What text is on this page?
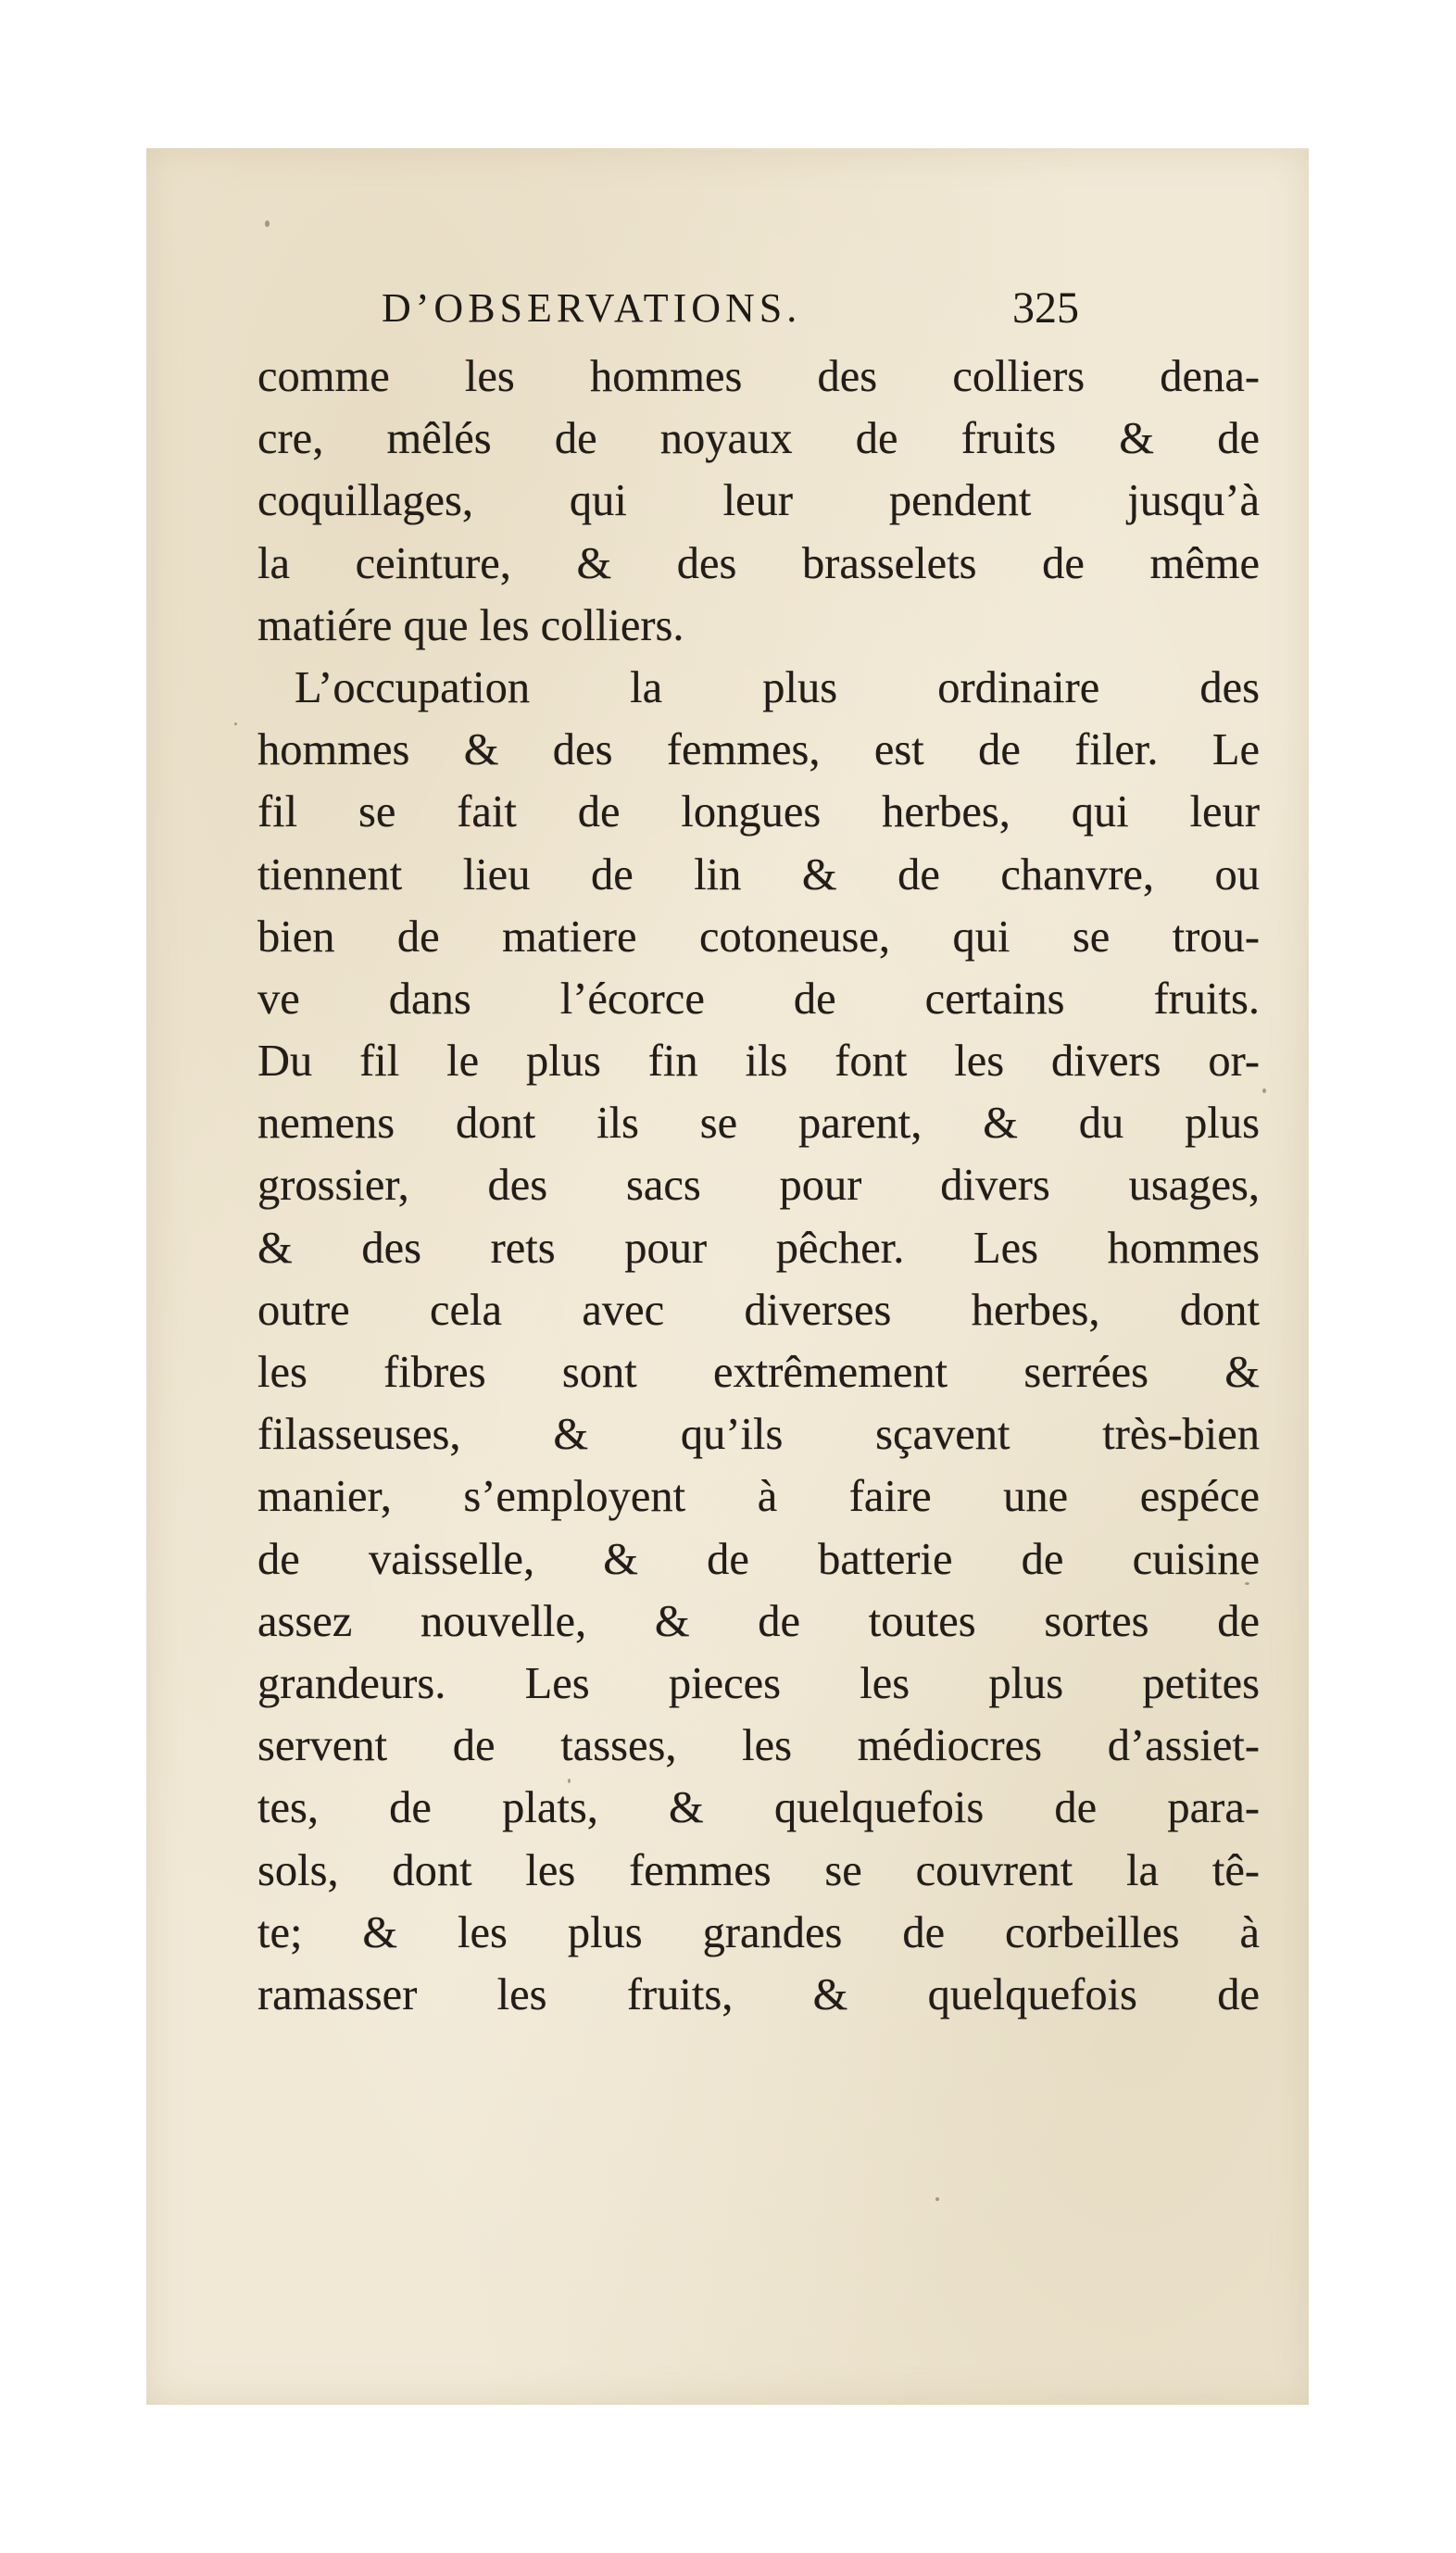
D’OBSERVATIONS.	325
comme les hommes des colliers dena-
cre, mêlés de noyaux de fruits & de
coquillages, qui leur pendent jusqu’à
la ceinture, & des brasselets de même
matiére que les colliers.
L’occupation la plus ordinaire des
hommes & des femmes, est de filer. Le
fil se fait de longues herbes, qui leur
tiennent lieu de lin & de chanvre, ou
bien de matiere cotoneuse, qui se trou-
ve dans l’écorce de certains fruits.
Du fil le plus fin ils font les divers or-
nemens dont ils se parent, & du plus
grossier, des sacs pour divers usages,
& des rets pour pêcher. Les hommes
outre cela avec diverses herbes, dont
les fibres sont extrêmement serrées &
filasseuses, & qu’ils sçavent très-bien
manier, s’employent à faire une espéce
de vaisselle, & de batterie de cuisine
assez nouvelle, & de toutes sortes de
grandeurs. Les pieces les plus petites
servent de tasses, les médiocres d’assiet-
tes, de plats, & quelquefois de para-
sols, dont les femmes se couvrent la tê-
te; & les plus grandes de corbeilles à
ramasser les fruits, & quelquefois de
